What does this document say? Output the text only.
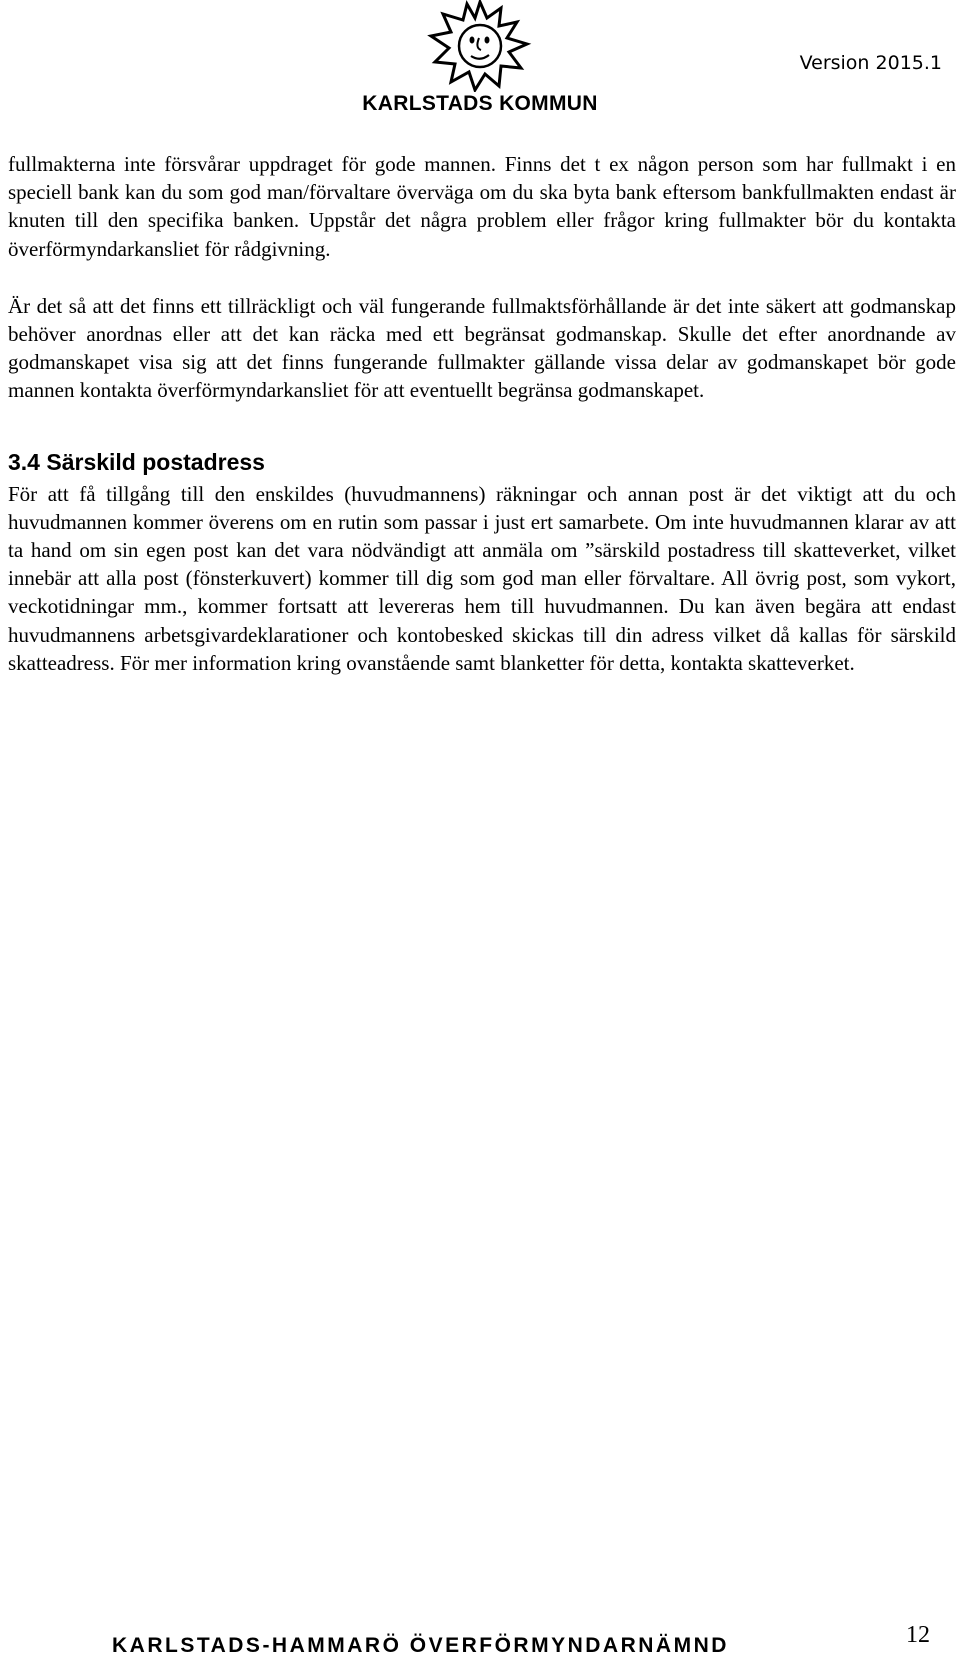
KARLSTADS KOMMUN
Version 2015.1

fullmakterna inte försvårar uppdraget för gode mannen. Finns det t ex någon person som har fullmakt i en speciell bank kan du som god man/förvaltare överväga om du ska byta bank eftersom bankfullmakten endast är knuten till den specifika banken. Uppstår det några problem eller frågor kring fullmakter bör du kontakta överförmyndarkansliet för rådgivning.

Är det så att det finns ett tillräckligt och väl fungerande fullmaktsförhållande är det inte säkert att godmanskap behöver anordnas eller att det kan räcka med ett begränsat godmanskap. Skulle det efter anordnande av godmanskapet visa sig att det finns fungerande fullmakter gällande vissa delar av godmanskapet bör gode mannen kontakta överförmyndarkansliet för att eventuellt begränsa godmanskapet.

3.4 Särskild postadress

För att få tillgång till den enskildes (huvudmannens) räkningar och annan post är det viktigt att du och huvudmannen kommer överens om en rutin som passar i just ert samarbete. Om inte huvudmannen klarar av att ta hand om sin egen post kan det vara nödvändigt att anmäla om ”särskild postadress till skatteverket, vilket innebär att alla post (fönsterkuvert) kommer till dig som god man eller förvaltare. All övrig post, som vykort, veckotidningar mm., kommer fortsatt att levereras hem till huvudmannen. Du kan även begära att endast huvudmannens arbetsgivardeklarationer och kontobesked skickas till din adress vilket då kallas för särskild skatteadress. För mer information kring ovanstående samt blanketter för detta, kontakta skatteverket.

KARLSTADS-HAMMARÖ ÖVERFÖRMYNDARNÄMND	12
